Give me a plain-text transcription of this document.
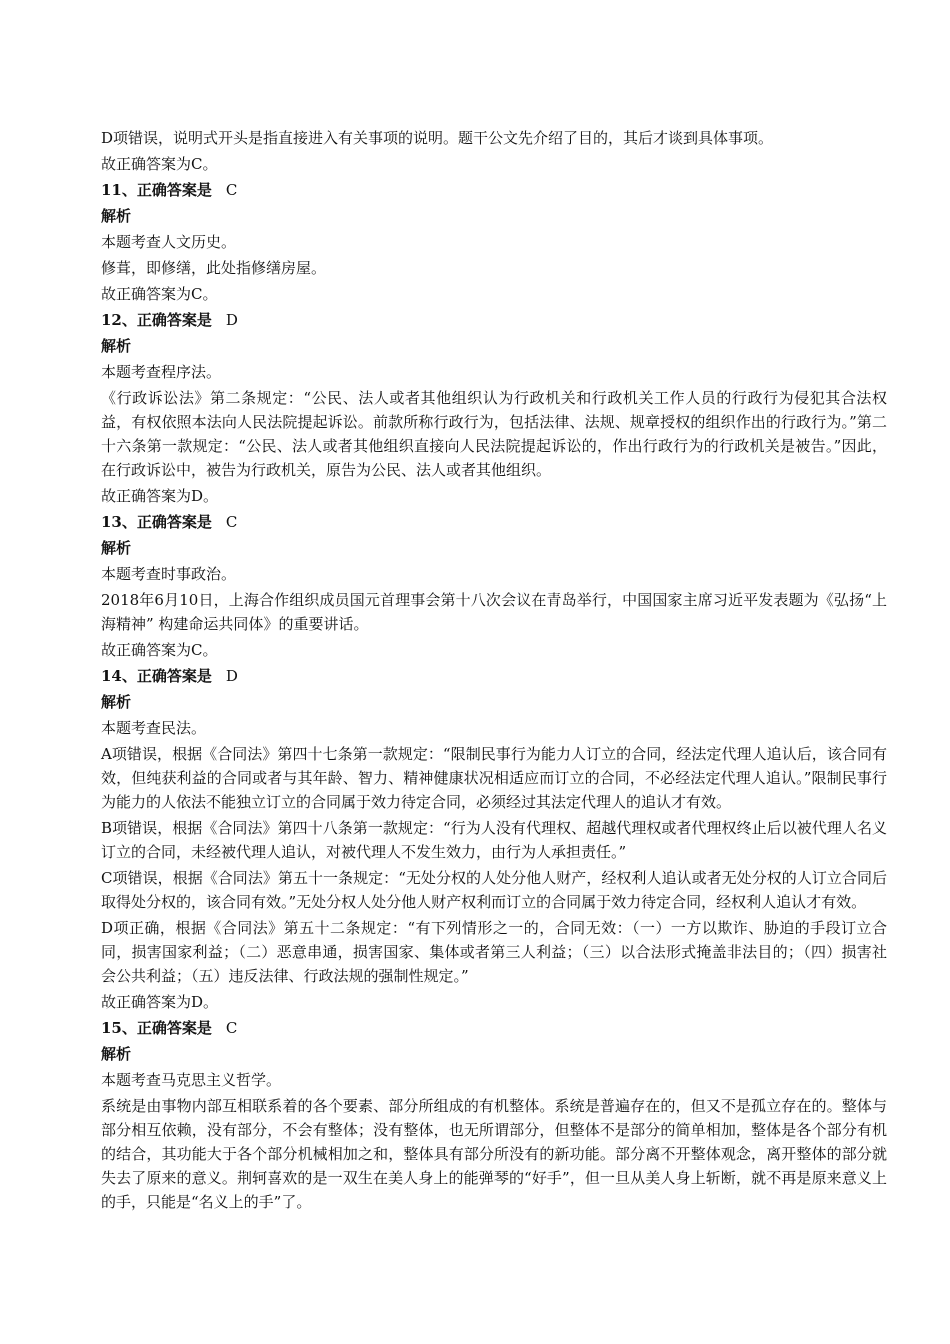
D项错误，说明式开头是指直接进入有关事项的说明。题干公文先介绍了目的，其后才谈到具体事项。

故正确答案为C。

11、正确答案是 C
解析

本题考查人文历史。

修葺，即修缮，此处指修缮房屋。

故正确答案为C。

12、正确答案是 D
解析

本题考查程序法。

《行政诉讼法》第二条规定：“公民、法人或者其他组织认为行政机关和行政机关工作人员的行政行为侵犯其合法权益，有权依照本法向人民法院提起诉讼。前款所称行政行为，包括法律、法规、规章授权的组织作出的行政行为。”第二十六条第一款规定：“公民、法人或者其他组织直接向人民法院提起诉讼的，作出行政行为的行政机关是被告。”因此，在行政诉讼中，被告为行政机关，原告为公民、法人或者其他组织。

故正确答案为D。

13、正确答案是 C
解析

本题考查时事政治。

2018年6月10日，上海合作组织成员国元首理事会第十八次会议在青岛举行，中国国家主席习近平发表题为《弘扬“上海精神” 构建命运共同体》的重要讲话。

故正确答案为C。

14、正确答案是 D
解析

本题考查民法。

A项错误，根据《合同法》第四十七条第一款规定：“限制民事行为能力人订立的合同，经法定代理人追认后，该合同有效，但纯获利益的合同或者与其年龄、智力、精神健康状况相适应而订立的合同，不必经法定代理人追认。”限制民事行为能力的人依法不能独立订立的合同属于效力待定合同，必须经过其法定代理人的追认才有效。

B项错误，根据《合同法》第四十八条第一款规定：“行为人没有代理权、超越代理权或者代理权终止后以被代理人名义订立的合同，未经被代理人追认，对被代理人不发生效力，由行为人承担责任。”

C项错误，根据《合同法》第五十一条规定：“无处分权的人处分他人财产，经权利人追认或者无处分权的人订立合同后取得处分权的，该合同有效。”无处分权人处分他人财产权利而订立的合同属于效力待定合同，经权利人追认才有效。

D项正确，根据《合同法》第五十二条规定：“有下列情形之一的，合同无效：（一）一方以欺诈、胁迫的手段订立合同，损害国家利益；（二）恶意串通，损害国家、集体或者第三人利益；（三）以合法形式掩盖非法目的；（四）损害社会公共利益；（五）违反法律、行政法规的强制性规定。”

故正确答案为D。

15、正确答案是 C
解析

本题考查马克思主义哲学。

系统是由事物内部互相联系着的各个要素、部分所组成的有机整体。系统是普遍存在的，但又不是孤立存在的。整体与部分相互依赖，没有部分，不会有整体；没有整体，也无所谓部分，但整体不是部分的简单相加，整体是各个部分有机的结合，其功能大于各个部分机械相加之和，整体具有部分所没有的新功能。部分离不开整体观念，离开整体的部分就失去了原来的意义。荆轲喜欢的是一双生在美人身上的能弹琴的“好手”，但一旦从美人身上斩断，就不再是原来意义上的手，只能是“名义上的手”了。
